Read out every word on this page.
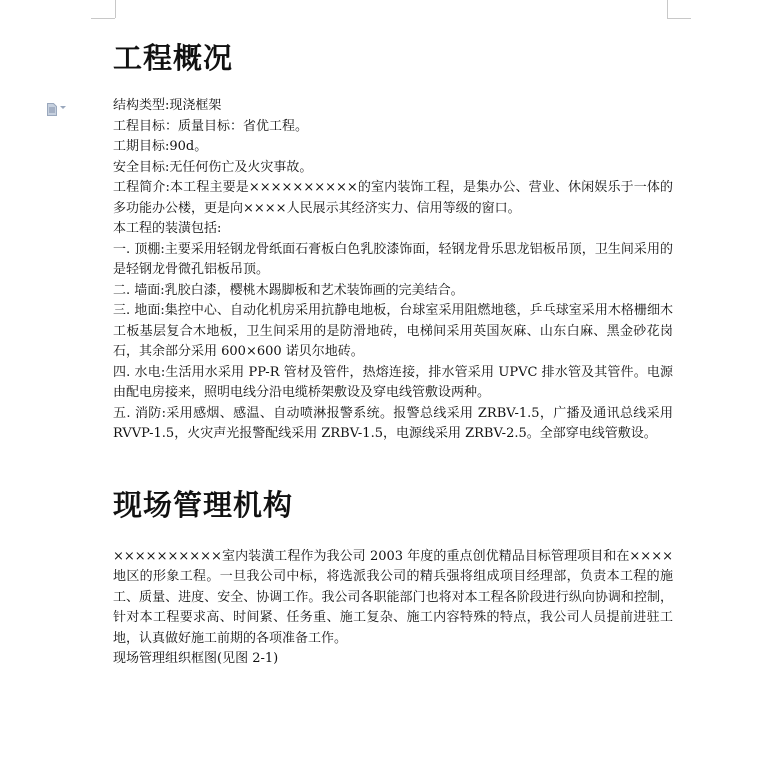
工程概况

结构类型:现浇框架

工程目标：质量目标：省优工程。

工期目标:90d。

安全目标:无任何伤亡及火灾事故。

工程简介:本工程主要是××××××××××的室内装饰工程，是集办公、营业、休闲娱乐于一体的多功能办公楼，更是向××××人民展示其经济实力、信用等级的窗口。

本工程的装潢包括:

一. 顶棚:主要采用轻钢龙骨纸面石膏板白色乳胶漆饰面，轻钢龙骨乐思龙铝板吊顶，卫生间采用的是轻钢龙骨微孔铝板吊顶。

二. 墙面:乳胶白漆，樱桃木踢脚板和艺术装饰画的完美结合。

三. 地面:集控中心、自动化机房采用抗静电地板，台球室采用阻燃地毯，乒乓球室采用木格栅细木工板基层复合木地板，卫生间采用的是防滑地砖，电梯间采用英国灰麻、山东白麻、黑金砂花岗石，其余部分采用 600×600 诺贝尔地砖。

四. 水电:生活用水采用 PP-R 管材及管件，热熔连接，排水管采用 UPVC 排水管及其管件。电源由配电房接来，照明电线分沿电缆桥架敷设及穿电线管敷设两种。

五. 消防:采用感烟、感温、自动喷淋报警系统。报警总线采用 ZRBV-1.5，广播及通讯总线采用 RVVP-1.5，火灾声光报警配线采用 ZRBV-1.5，电源线采用 ZRBV-2.5。全部穿电线管敷设。

现场管理机构

××××××××××室内装潢工程作为我公司 2003 年度的重点创优精品目标管理项目和在××××地区的形象工程。一旦我公司中标，将选派我公司的精兵强将组成项目经理部，负责本工程的施工、质量、进度、安全、协调工作。我公司各职能部门也将对本工程各阶段进行纵向协调和控制，针对本工程要求高、时间紧、任务重、施工复杂、施工内容特殊的特点，我公司人员提前进驻工地，认真做好施工前期的各项准备工作。

现场管理组织框图(见图 2-1)
